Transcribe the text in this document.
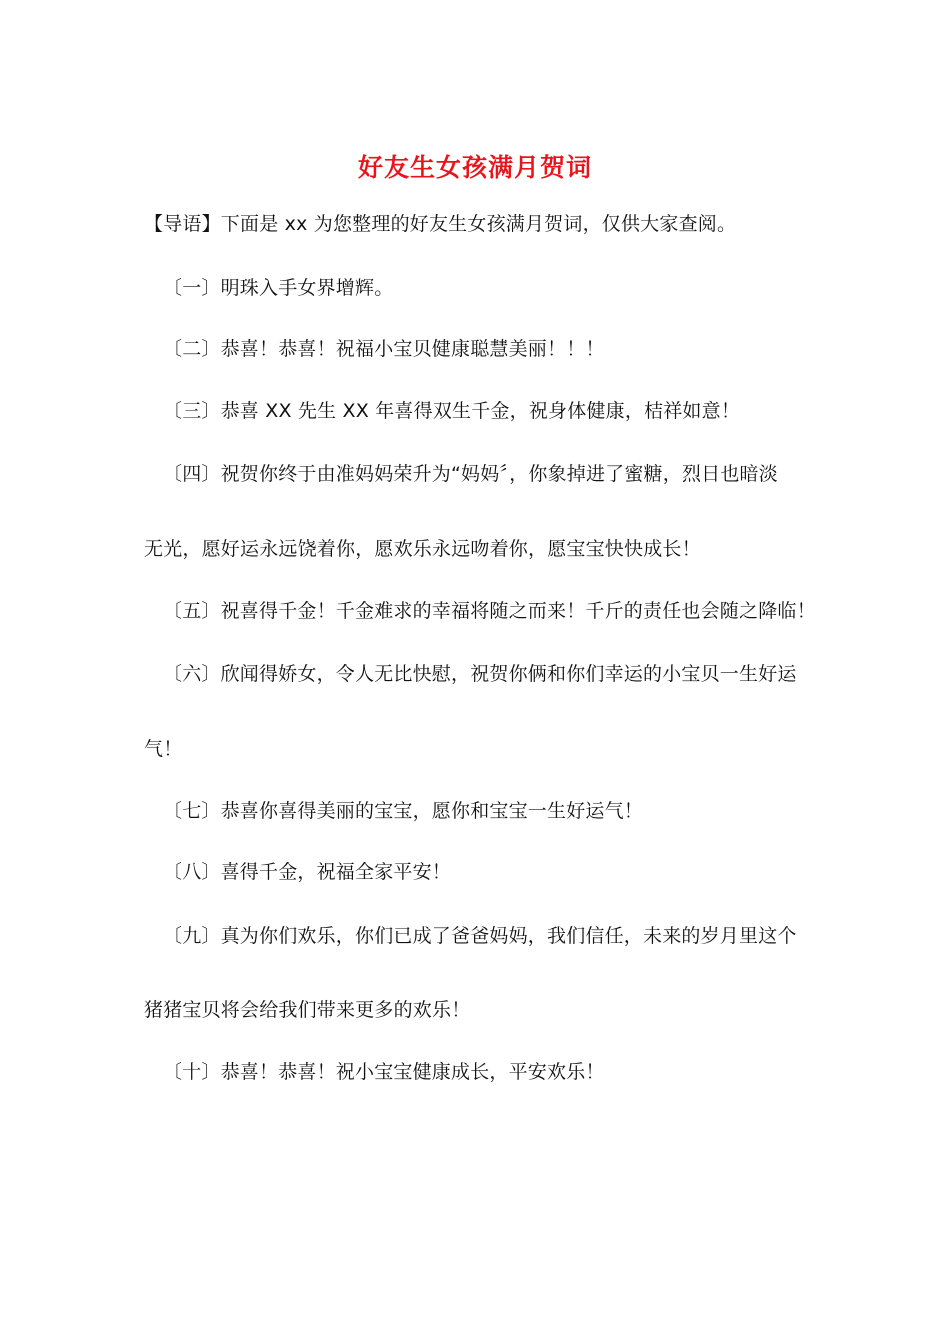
好友生女孩满月贺词
【导语】下面是 xx 为您整理的好友生女孩满月贺词，仅供大家查阅。
〔一〕明珠入手女界增辉。
〔二〕恭喜！恭喜！祝福小宝贝健康聪慧美丽！！！
〔三〕恭喜 XX 先生 XX 年喜得双生千金，祝身体健康，桔祥如意！
〔四〕祝贺你终于由准妈妈荣升为“妈妈〞，你象掉进了蜜糖，烈日也暗淡
无光，愿好运永远饶着你，愿欢乐永远吻着你，愿宝宝快快成长！
〔五〕祝喜得千金！千金难求的幸福将随之而来！千斤的责任也会随之降临！
〔六〕欣闻得娇女，令人无比快慰，祝贺你俩和你们幸运的小宝贝一生好运
气！
〔七〕恭喜你喜得美丽的宝宝，愿你和宝宝一生好运气！
〔八〕喜得千金，祝福全家平安！
〔九〕真为你们欢乐，你们已成了爸爸妈妈，我们信任，未来的岁月里这个
猪猪宝贝将会给我们带来更多的欢乐！
〔十〕恭喜！恭喜！祝小宝宝健康成长，平安欢乐！
